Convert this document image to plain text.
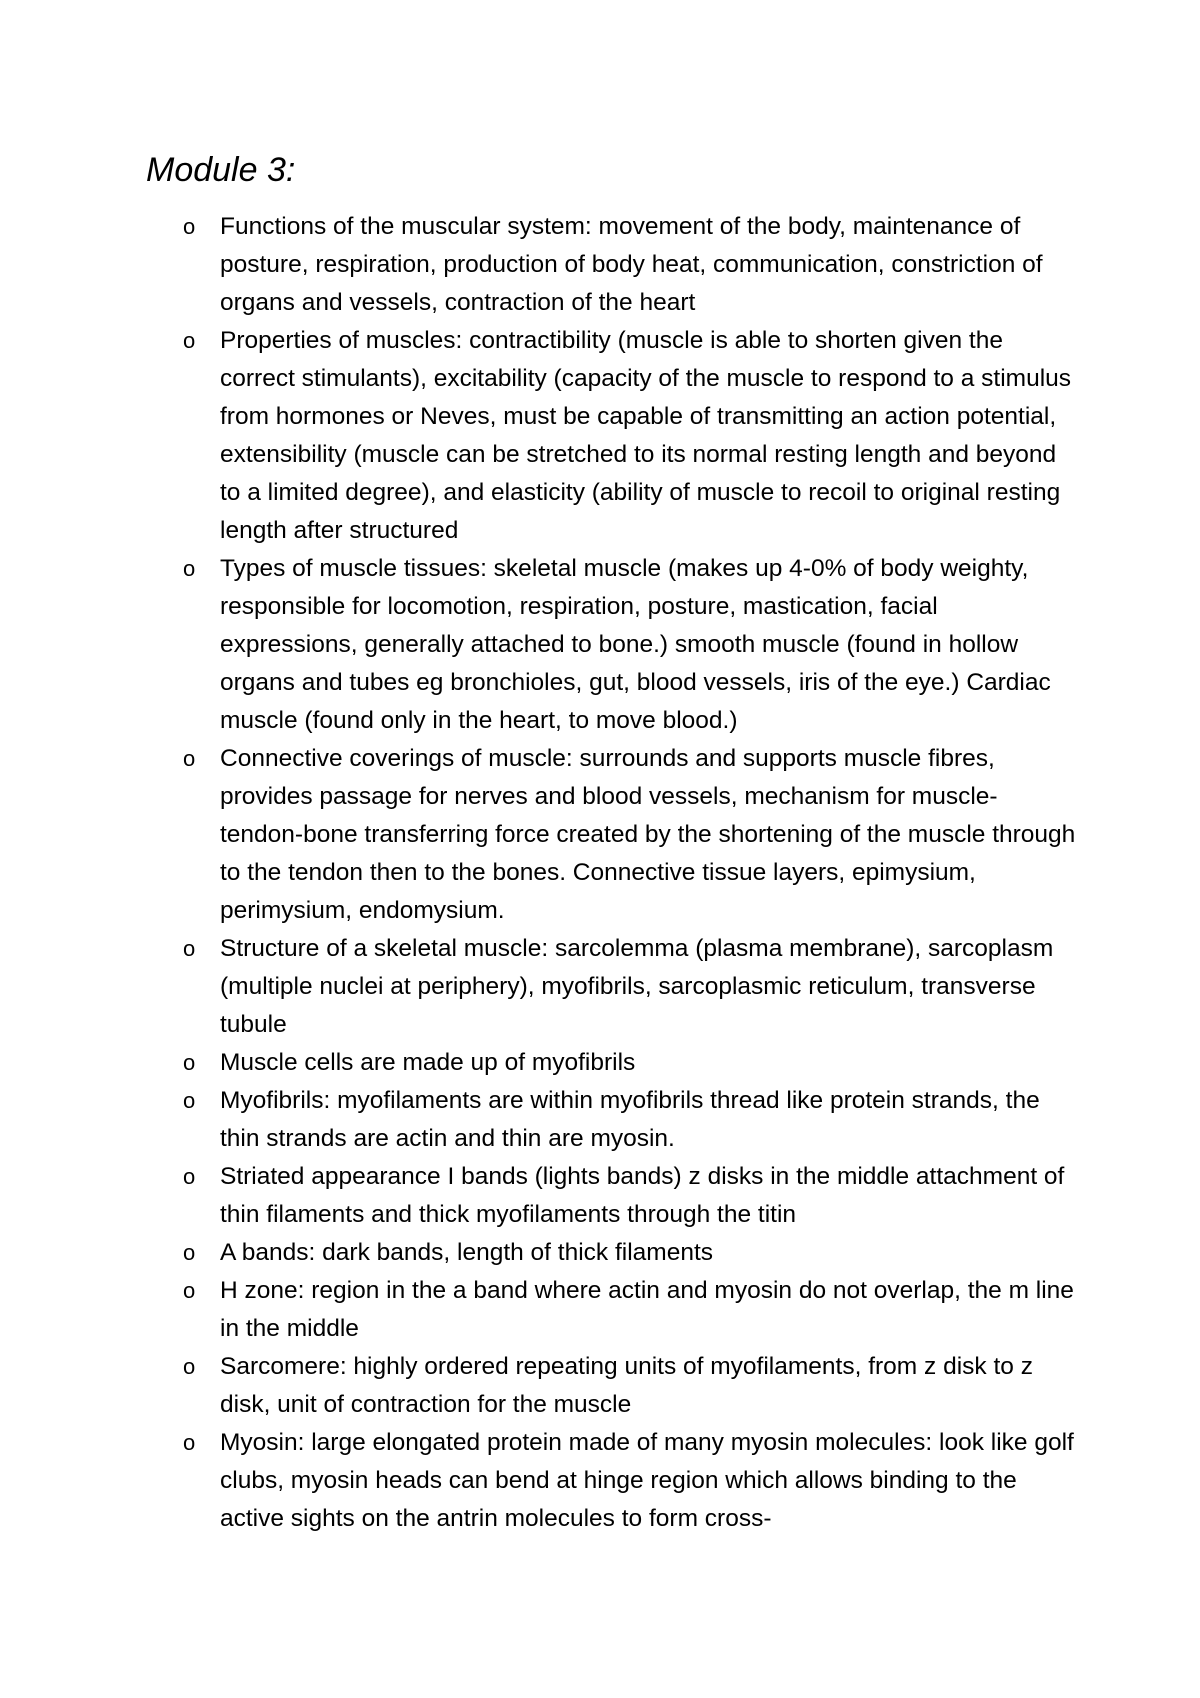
Module 3:
o Functions of the muscular system: movement of the body, maintenance of posture, respiration, production of body heat, communication, constriction of organs and vessels, contraction of the heart
o Properties of muscles: contractibility (muscle is able to shorten given the correct stimulants), excitability (capacity of the muscle to respond to a stimulus from hormones or Neves, must be capable of transmitting an action potential, extensibility (muscle can be stretched to its normal resting length and beyond to a limited degree), and elasticity (ability of muscle to recoil to original resting length after structured
o Types of muscle tissues: skeletal muscle (makes up 4-0% of body weighty, responsible for locomotion, respiration, posture, mastication, facial expressions, generally attached to bone.) smooth muscle (found in hollow organs and tubes eg bronchioles, gut, blood vessels, iris of the eye.) Cardiac muscle (found only in the heart, to move blood.)
o Connective coverings of muscle: surrounds and supports muscle fibres, provides passage for nerves and blood vessels, mechanism for muscle-tendon-bone transferring force created by the shortening of the muscle through to the tendon then to the bones. Connective tissue layers, epimysium, perimysium, endomysium.
o Structure of a skeletal muscle: sarcolemma (plasma membrane), sarcoplasm (multiple nuclei at periphery), myofibrils, sarcoplasmic reticulum, transverse tubule
o Muscle cells are made up of myofibrils
o Myofibrils: myofilaments are within myofibrils thread like protein strands, the thin strands are actin and thin are myosin.
o Striated appearance I bands (lights bands) z disks in the middle attachment of thin filaments and thick myofilaments through the titin
o A bands: dark bands, length of thick filaments
o H zone: region in the a band where actin and myosin do not overlap, the m line in the middle
o Sarcomere: highly ordered repeating units of myofilaments, from z disk to z disk, unit of contraction for the muscle
o Myosin: large elongated protein made of many myosin molecules: look like golf clubs, myosin heads can bend at hinge region which allows binding to the active sights on the antrin molecules to form cross-
